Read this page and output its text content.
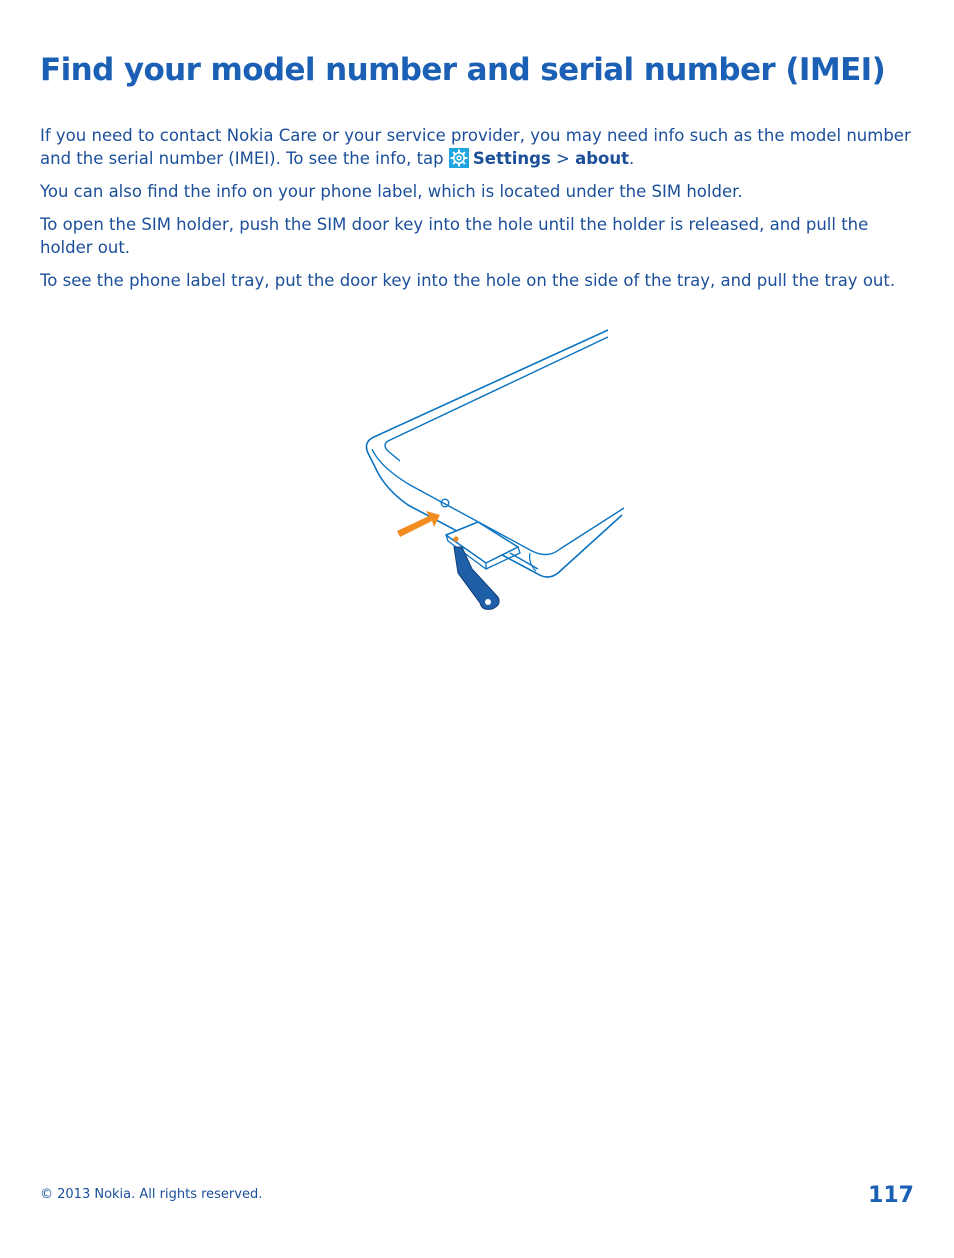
Find your model number and serial number (IMEI)

If you need to contact Nokia Care or your service provider, you may need info such as the model number and the serial number (IMEI). To see the info, tap Settings > about.

You can also find the info on your phone label, which is located under the SIM holder.

To open the SIM holder, push the SIM door key into the hole until the holder is released, and pull the holder out.

To see the phone label tray, put the door key into the hole on the side of the tray, and pull the tray out.

© 2013 Nokia. All rights reserved.	117
